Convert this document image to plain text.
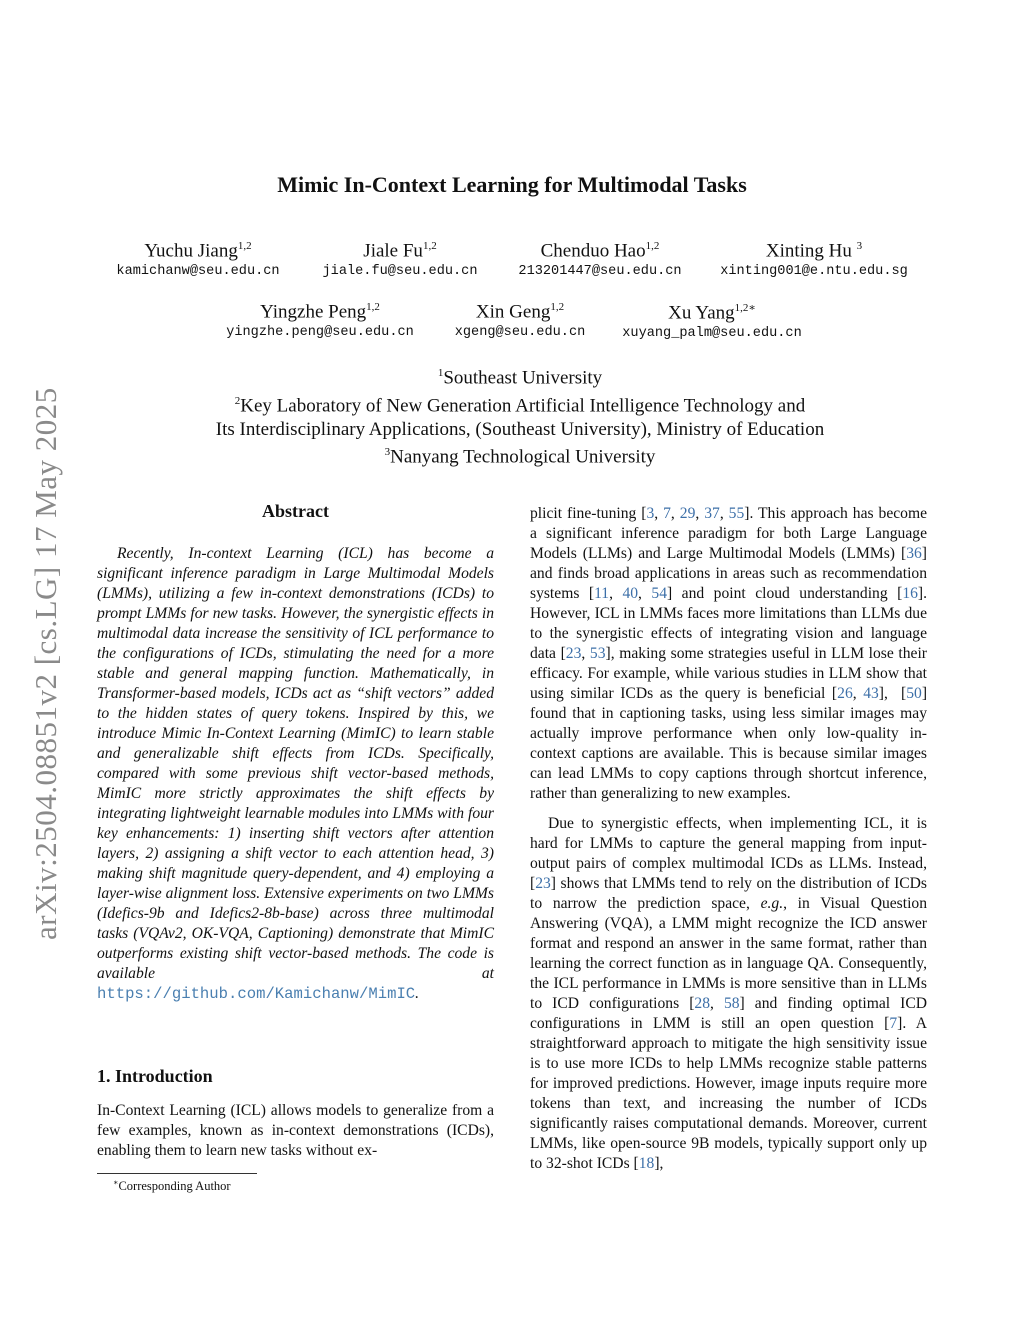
arXiv:2504.08851v2 [cs.LG] 17 May 2025
Mimic In-Context Learning for Multimodal Tasks
Yuchu Jiang$^{1,2}$
kamichanw@seu.edu.cn
Jiale Fu$^{1,2}$
jiale.fu@seu.edu.cn
Chenduo Hao$^{1,2}$
213201447@seu.edu.cn
Xinting Hu $^3$
xinting001@e.ntu.edu.sg
Yingzhe Peng$^{1,2}$
yingzhe.peng@seu.edu.cn
Xin Geng$^{1,2}$
xgeng@seu.edu.cn
Xu Yang$^{1,2∗}$
xuyang_palm@seu.edu.cn
$^1$Southeast University
$^2$Key Laboratory of New Generation Artificial Intelligence Technology and
Its Interdisciplinary Applications, (Southeast University), Ministry of Education
$^3$Nanyang Technological University
Abstract

Recently, In-context Learning (ICL) has become a significant inference paradigm in Large Multimodal Models (LMMs), utilizing a few in-context demonstrations (ICDs) to prompt LMMs for new tasks. However, the synergistic effects in multimodal data increase the sensitivity of ICL performance to the configurations of ICDs, stimulating the need for a more stable and general mapping function. Mathematically, in Transformer-based models, ICDs act as “shift vectors” added to the hidden states of query tokens. Inspired by this, we introduce Mimic In-Context Learning (MimIC) to learn stable and generalizable shift effects from ICDs. Specifically, compared with some previous shift vector-based methods, MimIC more strictly approximates the shift effects by integrating lightweight learnable modules into LMMs with four key enhancements: 1) inserting shift vectors after attention layers, 2) assigning a shift vector to each attention head, 3) making shift magnitude query-dependent, and 4) employing a layer-wise alignment loss. Extensive experiments on two LMMs (Idefics-9b and Idefics2-8b-base) across three multimodal tasks (VQAv2, OK-VQA, Captioning) demonstrate that MimIC outperforms existing shift vector-based methods. The code is available at https://github.com/Kamichanw/MimIC.

1. Introduction

In-Context Learning (ICL) allows models to generalize from a few examples, known as in-context demonstrations (ICDs), enabling them to learn new tasks without ex-

∗Corresponding Author

plicit fine-tuning [3, 7, 29, 37, 55]. This approach has become a significant inference paradigm for both Large Language Models (LLMs) and Large Multimodal Models (LMMs) [36] and finds broad applications in areas such as recommendation systems [11, 40, 54] and point cloud understanding [16]. However, ICL in LMMs faces more limitations than LLMs due to the synergistic effects of integrating vision and language data [23, 53], making some strategies useful in LLM lose their efficacy. For example, while various studies in LLM show that using similar ICDs as the query is beneficial [26, 43],  [50] found that in captioning tasks, using less similar images may actually improve performance when only low-quality in-context captions are available. This is because similar images can lead LMMs to copy captions through shortcut inference, rather than generalizing to new examples.

Due to synergistic effects, when implementing ICL, it is hard for LMMs to capture the general mapping from input-output pairs of complex multimodal ICDs as LLMs. Instead, [23] shows that LMMs tend to rely on the distribution of ICDs to narrow the prediction space, e.g., in Visual Question Answering (VQA), a LMM might recognize the ICD answer format and respond an answer in the same format, rather than learning the correct function as in language QA. Consequently, the ICL performance in LMMs is more sensitive than in LLMs to ICD configurations [28, 58] and finding optimal ICD configurations in LMM is still an open question [7]. A straightforward approach to mitigate the high sensitivity issue is to use more ICDs to help LMMs recognize stable patterns for improved predictions. However, image inputs require more tokens than text, and increasing the number of ICDs significantly raises computational demands. Moreover, current LMMs, like open-source 9B models, typically support only up to 32-shot ICDs [18],
